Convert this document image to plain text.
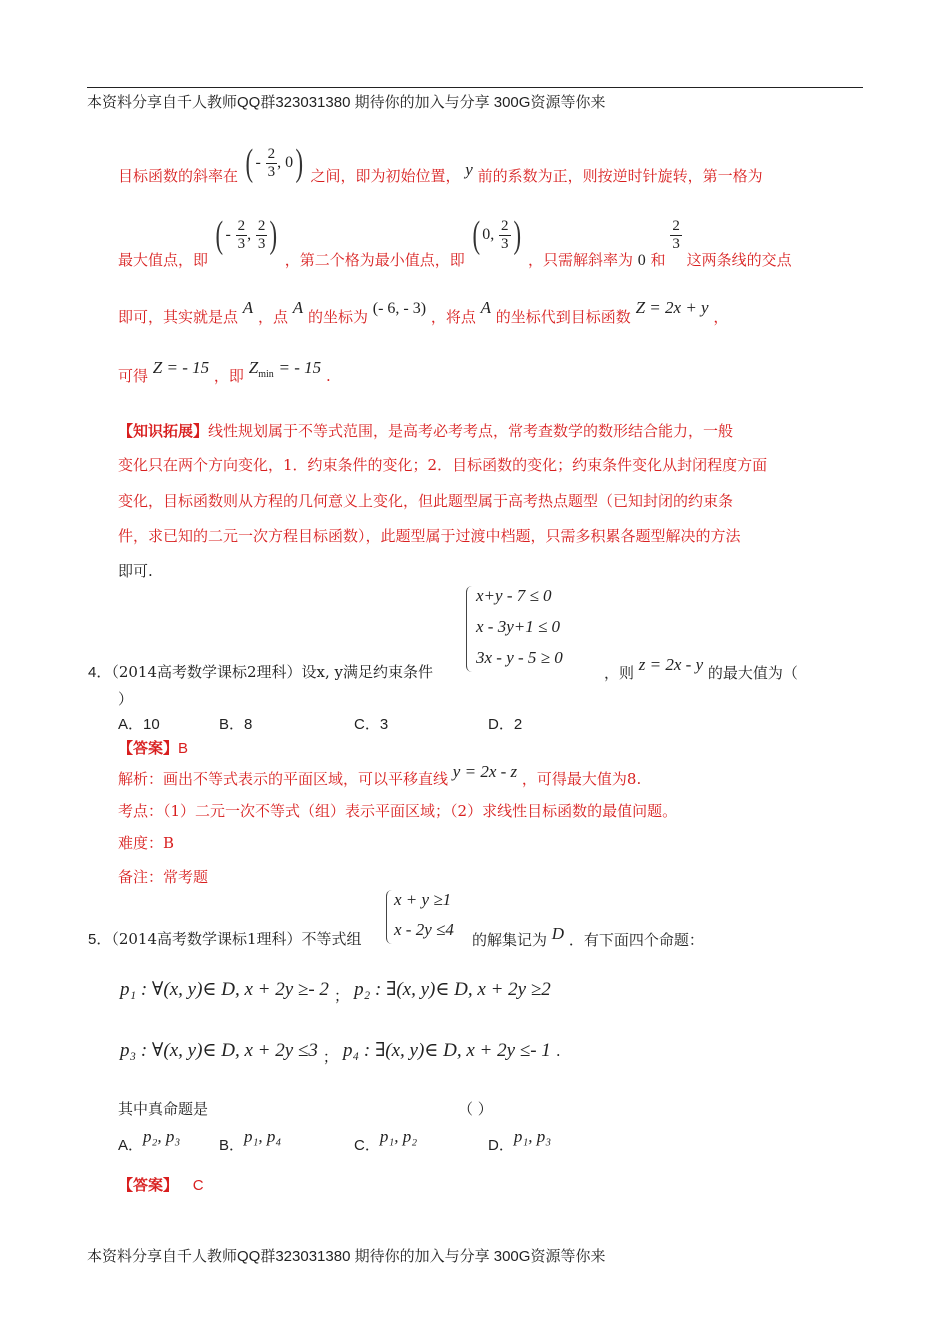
本资料分享自千人教师QQ群323031380 期待你的加入与分享 300G资源等你来
目标函数的斜率在 ( - $\frac{2}{3}$ , 0) 之间，即为初始位置， y 前的系数为正，则按逆时针旋转，第一格为
最大值点，即 ( - $\frac{2}{3}$ , $\frac{2}{3}$ ) ，第二个格为最小值点，即 ( 0, $\frac{2}{3}$ ) ，只需解斜率为 0 和
$\frac{2}{3}$
这两条线的交点
即可，其实就是点 A ，点 A 的坐标为 (- 6, - 3) ，将点 A 的坐标代到目标函数 Z = 2x + y ，
可得 Z = - 15 ，即 $Z_{min}$ = - 15 .
【知识拓展】线性规划属于不等式范围，是高考必考考点，常考查数学的数形结合能力，一般
变化只在两个方向变化，1．约束条件的变化；2．目标函数的变化；约束条件变化从封闭程度方面
变化，目标函数则从方程的几何意义上变化，但此题型属于高考热点题型（已知封闭的约束条
件，求已知的二元一次方程目标函数），此题型属于过渡中档题，只需多积累各题型解决的方法
即可.
x+y - 7 ≤ 0
x - 3y+1 ≤ 0
3x - y - 5 ≥ 0
4．（2014高考数学课标2理科）设x, y满足约束条件	，则 z = 2x - y 的最大值为（
）
A．10	B．8	C．3	D．2
【答案】B
解析：画出不等式表示的平面区域，可以平移直线 y = 2x - z ，可得最大值为8.
考点：（1）二元一次不等式（组）表示平面区域；（2）求线性目标函数的最值问题。
难度：B
备注：常考题
x + y ≥1
x - 2y ≤4
5．（2014高考数学课标1理科）不等式组	的解集记为 D ．有下面四个命题：
p₁ : ∀(x, y)∈ D, x + 2y ≥- 2 ； p₂ : ∃(x, y)∈ D, x + 2y ≥2
p₃ : ∀(x, y)∈ D, x + 2y ≤3 ； p₄ : ∃(x, y)∈ D, x + 2y ≤- 1 .
其中真命题是	（ ）
A．p₂, p₃	B．p₁, p₄	C．p₁, p₂	D．p₁, p₃
【答案】 C
本资料分享自千人教师QQ群323031380 期待你的加入与分享 300G资源等你来
